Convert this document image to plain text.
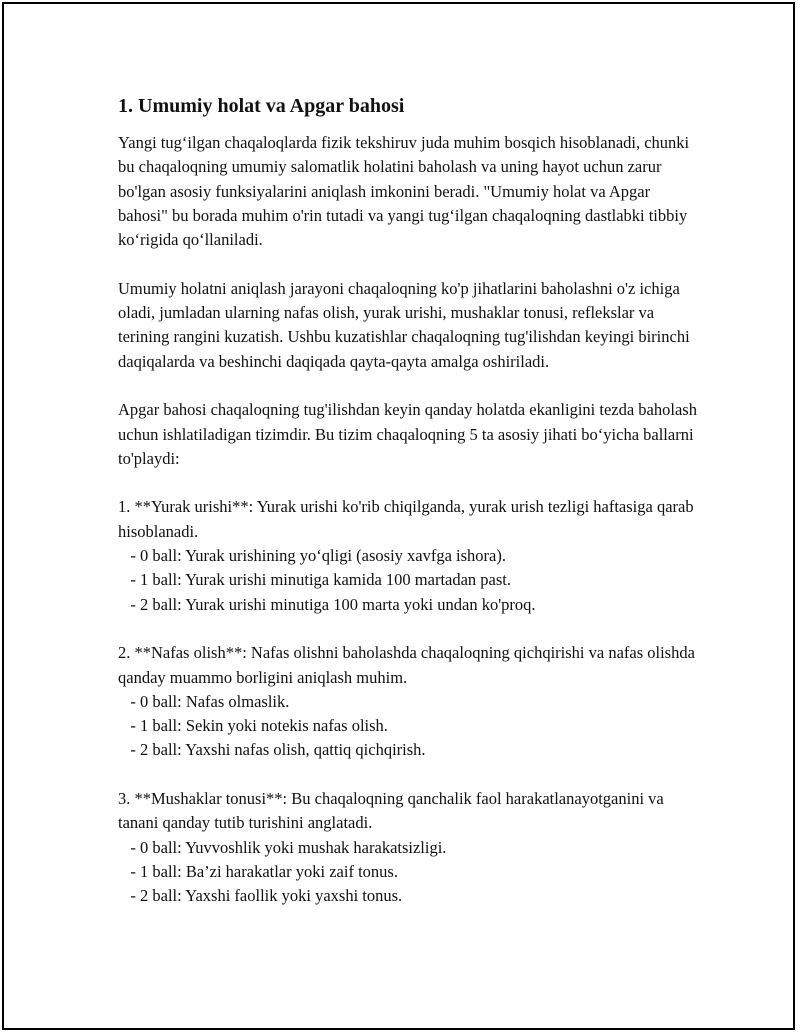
1. Umumiy holat va Apgar bahosi

Yangi tug‘ilgan chaqaloqlarda fizik tekshiruv juda muhim bosqich hisoblanadi, chunki bu chaqaloqning umumiy salomatlik holatini baholash va uning hayot uchun zarur bo'lgan asosiy funksiyalarini aniqlash imkonini beradi. "Umumiy holat va Apgar bahosi" bu borada muhim o'rin tutadi va yangi tug‘ilgan chaqaloqning dastlabki tibbiy ko‘rigida qo‘llaniladi.

Umumiy holatni aniqlash jarayoni chaqaloqning ko'p jihatlarini baholashni o'z ichiga oladi, jumladan ularning nafas olish, yurak urishi, mushaklar tonusi, reflekslar va terining rangini kuzatish. Ushbu kuzatishlar chaqaloqning tug'ilishdan keyingi birinchi daqiqalarda va beshinchi daqiqada qayta-qayta amalga oshiriladi.

Apgar bahosi chaqaloqning tug'ilishdan keyin qanday holatda ekanligini tezda baholash uchun ishlatiladigan tizimdir. Bu tizim chaqaloqning 5 ta asosiy jihati bo‘yicha ballarni to'playdi:

1. **Yurak urishi**: Yurak urishi ko'rib chiqilganda, yurak urish tezligi haftasiga qarab hisoblanadi.

- 0 ball: Yurak urishining yo‘qligi (asosiy xavfga ishora).
- 1 ball: Yurak urishi minutiga kamida 100 martadan past.
- 2 ball: Yurak urishi minutiga 100 marta yoki undan ko'proq.

2. **Nafas olish**: Nafas olishni baholashda chaqaloqning qichqirishi va nafas olishda qanday muammo borligini aniqlash muhim.

- 0 ball: Nafas olmaslik.
- 1 ball: Sekin yoki notekis nafas olish.
- 2 ball: Yaxshi nafas olish, qattiq qichqirish.

3. **Mushaklar tonusi**: Bu chaqaloqning qanchalik faol harakatlanayotganini va tanani qanday tutib turishini anglatadi.

- 0 ball: Yuvvoshlik yoki mushak harakatsizligi.
- 1 ball: Ba’zi harakatlar yoki zaif tonus.
- 2 ball: Yaxshi faollik yoki yaxshi tonus.
